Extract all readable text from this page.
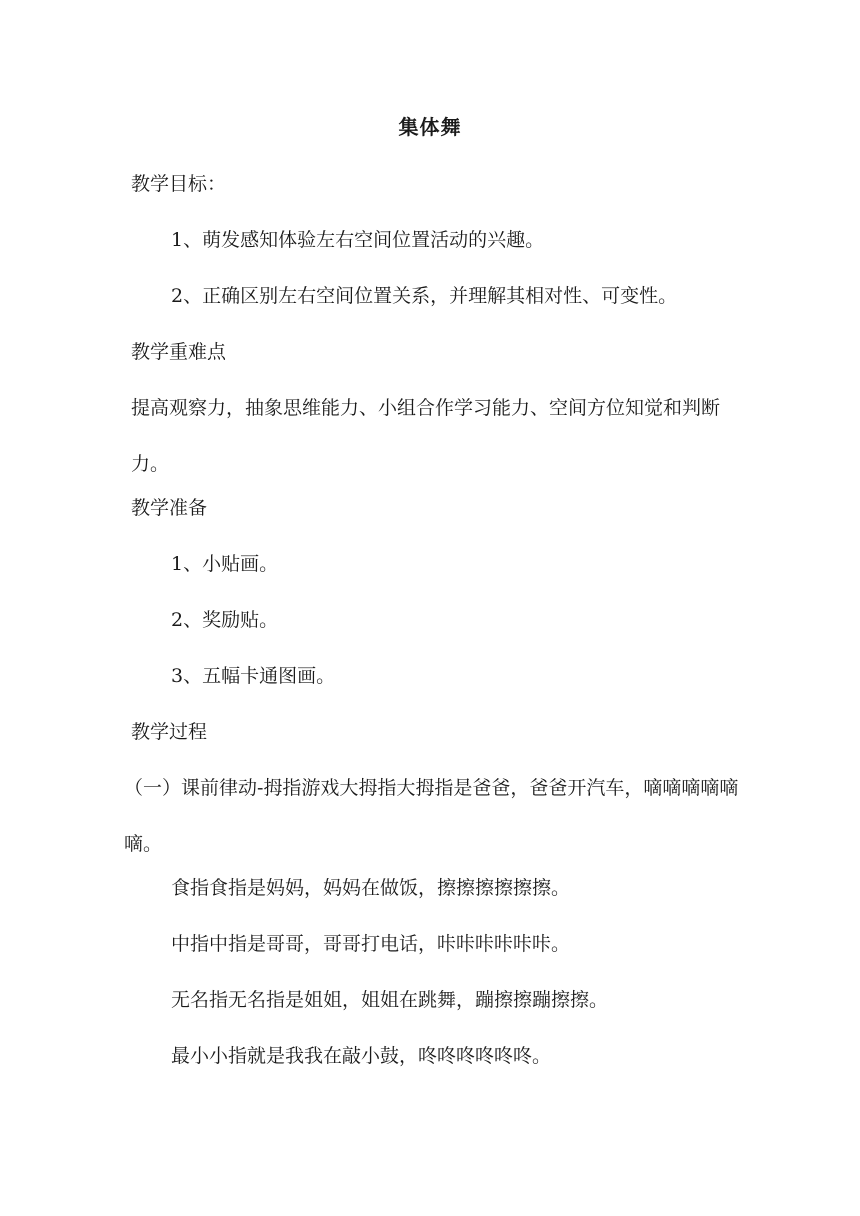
集体舞
教学目标：
1、萌发感知体验左右空间位置活动的兴趣。
2、正确区别左右空间位置关系，并理解其相对性、可变性。
教学重难点
提高观察力，抽象思维能力、小组合作学习能力、空间方位知觉和判断力。
教学准备
1、小贴画。
2、奖励贴。
3、五幅卡通图画。
教学过程
（一）课前律动-拇指游戏大拇指大拇指是爸爸，爸爸开汽车，嘀嘀嘀嘀嘀嘀。
食指食指是妈妈，妈妈在做饭，擦擦擦擦擦擦。
中指中指是哥哥，哥哥打电话，咔咔咔咔咔咔。
无名指无名指是姐姐，姐姐在跳舞，蹦擦擦蹦擦擦。
最小小指就是我我在敲小鼓，咚咚咚咚咚咚。
